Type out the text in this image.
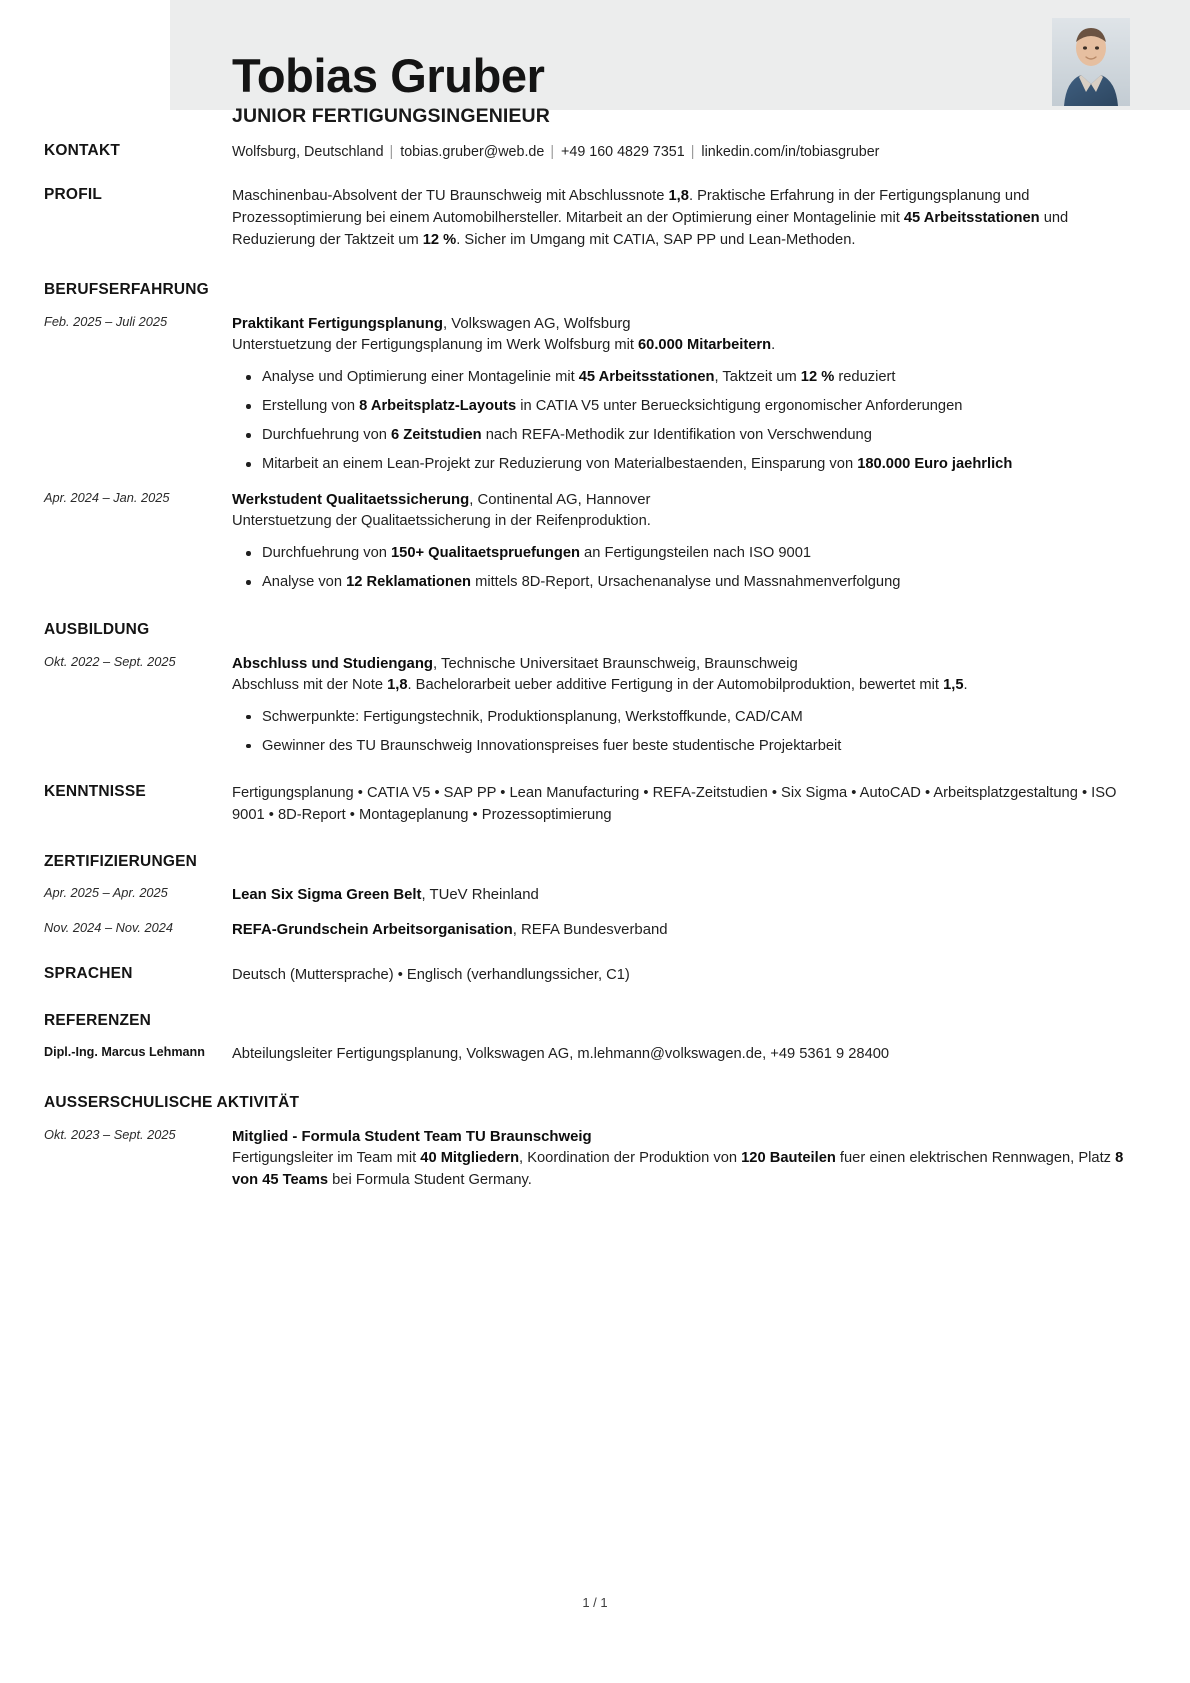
Tobias Gruber
JUNIOR FERTIGUNGSINGENIEUR
KONTAKT	Wolfsburg, Deutschland | tobias.gruber@web.de | +49 160 4829 7351 | linkedin.com/in/tobiasgruber
PROFIL	Maschinenbau-Absolvent der TU Braunschweig mit Abschlussnote 1,8. Praktische Erfahrung in der Fertigungsplanung und Prozessoptimierung bei einem Automobilhersteller. Mitarbeit an der Optimierung einer Montagelinie mit 45 Arbeitsstationen und Reduzierung der Taktzeit um 12 %. Sicher im Umgang mit CATIA, SAP PP und Lean-Methoden.

BERUFSERFAHRUNG
Feb. 2025 – Juli 2025	Praktikant Fertigungsplanung, Volkswagen AG, Wolfsburg
Unterstuetzung der Fertigungsplanung im Werk Wolfsburg mit 60.000 Mitarbeitern.
Analyse und Optimierung einer Montagelinie mit 45 Arbeitsstationen, Taktzeit um 12 % reduziert
Erstellung von 8 Arbeitsplatz-Layouts in CATIA V5 unter Beruecksichtigung ergonomischer Anforderungen
Durchfuehrung von 6 Zeitstudien nach REFA-Methodik zur Identifikation von Verschwendung
Mitarbeit an einem Lean-Projekt zur Reduzierung von Materialbestaenden, Einsparung von 180.000 Euro jaehrlich
Apr. 2024 – Jan. 2025	Werkstudent Qualitaetssicherung, Continental AG, Hannover
Unterstuetzung der Qualitaetssicherung in der Reifenproduktion.
Durchfuehrung von 150+ Qualitaetspruefungen an Fertigungsteilen nach ISO 9001
Analyse von 12 Reklamationen mittels 8D-Report, Ursachenanalyse und Massnahmenverfolgung
AUSBILDUNG
Okt. 2022 – Sept. 2025	Abschluss und Studiengang, Technische Universitaet Braunschweig, Braunschweig
Abschluss mit der Note 1,8. Bachelorarbeit ueber additive Fertigung in der Automobilproduktion, bewertet mit 1,5.
Schwerpunkte: Fertigungstechnik, Produktionsplanung, Werkstoffkunde, CAD/CAM
Gewinner des TU Braunschweig Innovationspreises fuer beste studentische Projektarbeit
KENNTNISSE	Fertigungsplanung • CATIA V5 • SAP PP • Lean Manufacturing • REFA-Zeitstudien • Six Sigma • AutoCAD • Arbeitsplatzgestaltung • ISO 9001 • 8D-Report • Montageplanung • Prozessoptimierung

ZERTIFIZIERUNGEN
Apr. 2025 – Apr. 2025	Lean Six Sigma Green Belt, TUeV Rheinland
Nov. 2024 – Nov. 2024	REFA-Grundschein Arbeitsorganisation, REFA Bundesverband
SPRACHEN	Deutsch (Muttersprache) • Englisch (verhandlungssicher, C1)

REFERENZEN
Dipl.-Ing. Marcus Lehmann	Abteilungsleiter Fertigungsplanung, Volkswagen AG, m.lehmann@volkswagen.de, +49 5361 9 28400
AUSSERSCHULISCHE AKTIVITÄT
Okt. 2023 – Sept. 2025	Mitglied - Formula Student Team TU Braunschweig
Fertigungsleiter im Team mit 40 Mitgliedern, Koordination der Produktion von 120 Bauteilen fuer einen elektrischen Rennwagen, Platz 8 von 45 Teams bei Formula Student Germany.
1 / 1
